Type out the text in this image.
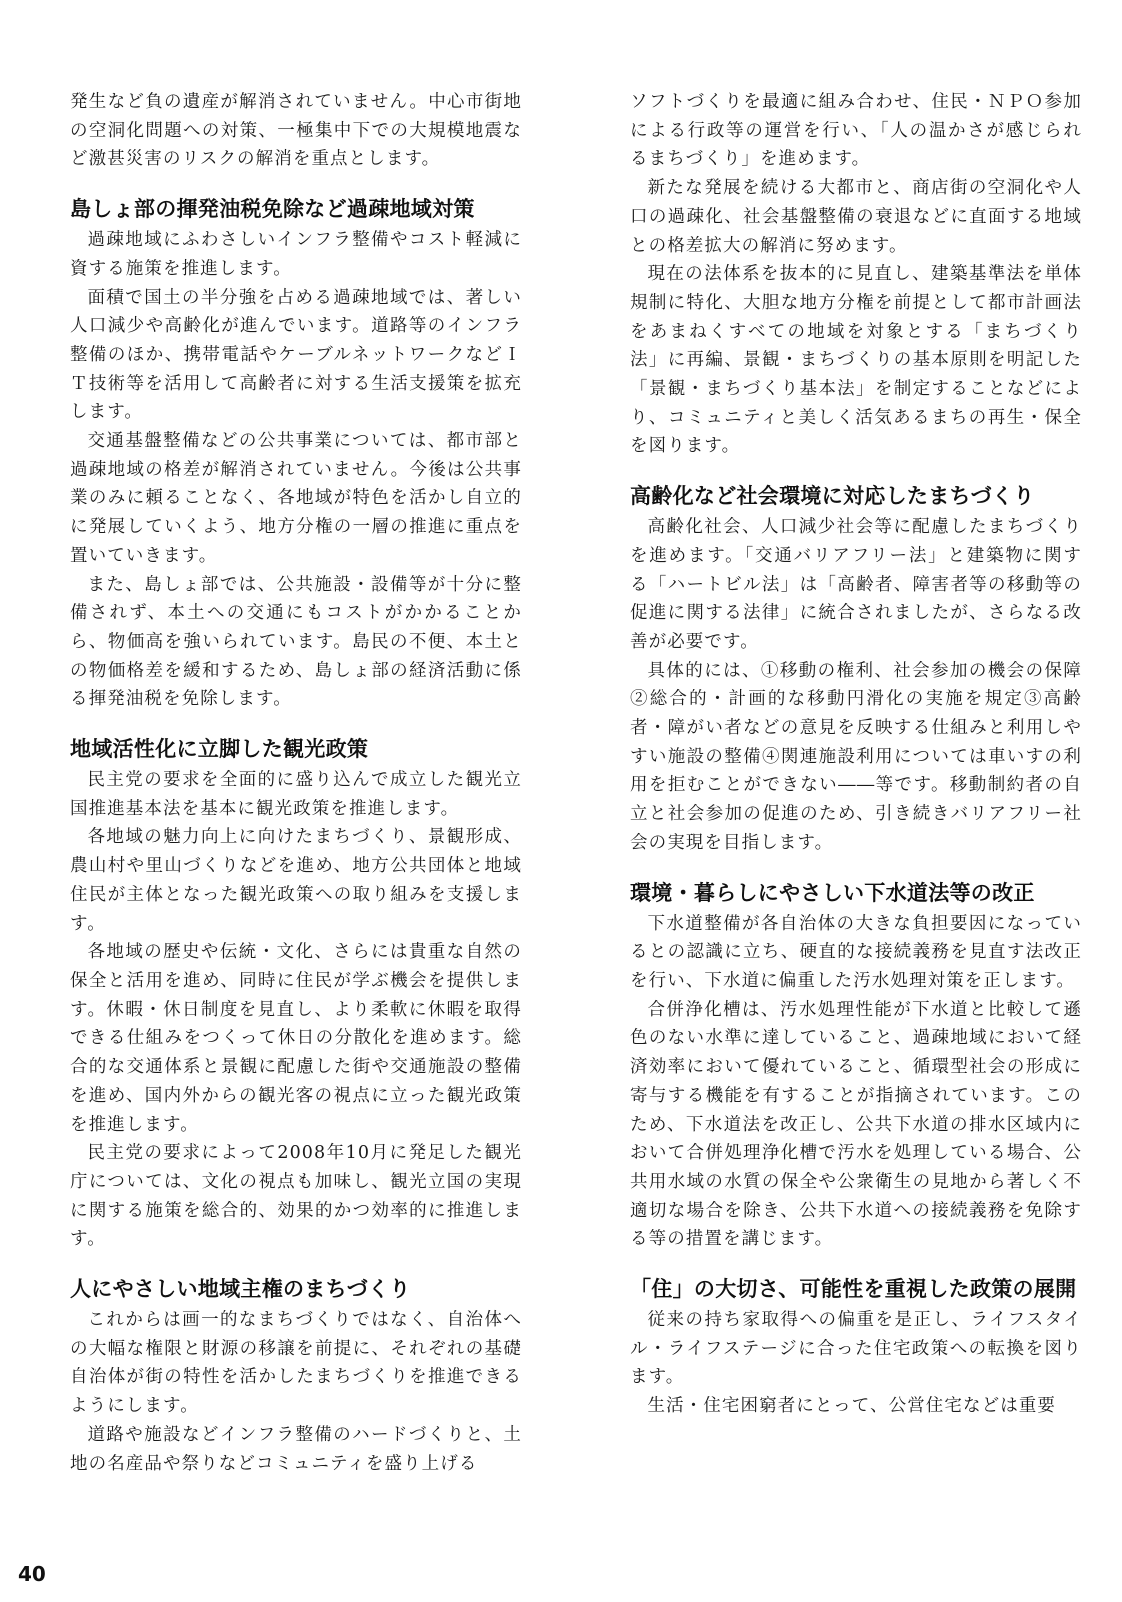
発生など負の遺産が解消されていません。中心市街地の空洞化問題への対策、一極集中下での大規模地震など激甚災害のリスクの解消を重点とします。

島しょ部の揮発油税免除など過疎地域対策

過疎地域にふわさしいインフラ整備やコスト軽減に資する施策を推進します。

面積で国土の半分強を占める過疎地域では、著しい人口減少や高齢化が進んでいます。道路等のインフラ整備のほか、携帯電話やケーブルネットワークなどＩＴ技術等を活用して高齢者に対する生活支援策を拡充します。

交通基盤整備などの公共事業については、都市部と過疎地域の格差が解消されていません。今後は公共事業のみに頼ることなく、各地域が特色を活かし自立的に発展していくよう、地方分権の一層の推進に重点を置いていきます。

また、島しょ部では、公共施設・設備等が十分に整備されず、本土への交通にもコストがかかることから、物価高を強いられています。島民の不便、本土との物価格差を緩和するため、島しょ部の経済活動に係る揮発油税を免除します。

地域活性化に立脚した観光政策

民主党の要求を全面的に盛り込んで成立した観光立国推進基本法を基本に観光政策を推進します。

各地域の魅力向上に向けたまちづくり、景観形成、農山村や里山づくりなどを進め、地方公共団体と地域住民が主体となった観光政策への取り組みを支援します。

各地域の歴史や伝統・文化、さらには貴重な自然の保全と活用を進め、同時に住民が学ぶ機会を提供します。休暇・休日制度を見直し、より柔軟に休暇を取得できる仕組みをつくって休日の分散化を進めます。総合的な交通体系と景観に配慮した街や交通施設の整備を進め、国内外からの観光客の視点に立った観光政策を推進します。

民主党の要求によって2008年10月に発足した観光庁については、文化の視点も加味し、観光立国の実現に関する施策を総合的、効果的かつ効率的に推進します。

人にやさしい地域主権のまちづくり

これからは画一的なまちづくりではなく、自治体への大幅な権限と財源の移譲を前提に、それぞれの基礎自治体が街の特性を活かしたまちづくりを推進できるようにします。

道路や施設などインフラ整備のハードづくりと、土地の名産品や祭りなどコミュニティを盛り上げる

ソフトづくりを最適に組み合わせ、住民・ＮＰＯ参加による行政等の運営を行い、「人の温かさが感じられるまちづくり」を進めます。

新たな発展を続ける大都市と、商店街の空洞化や人口の過疎化、社会基盤整備の衰退などに直面する地域との格差拡大の解消に努めます。

現在の法体系を抜本的に見直し、建築基準法を単体規制に特化、大胆な地方分権を前提として都市計画法をあまねくすべての地域を対象とする「まちづくり法」に再編、景観・まちづくりの基本原則を明記した「景観・まちづくり基本法」を制定することなどにより、コミュニティと美しく活気あるまちの再生・保全を図ります。

高齢化など社会環境に対応したまちづくり

高齢化社会、人口減少社会等に配慮したまちづくりを進めます。「交通バリアフリー法」と建築物に関する「ハートビル法」は「高齢者、障害者等の移動等の促進に関する法律」に統合されましたが、さらなる改善が必要です。

具体的には、①移動の権利、社会参加の機会の保障②総合的・計画的な移動円滑化の実施を規定③高齢者・障がい者などの意見を反映する仕組みと利用しやすい施設の整備④関連施設利用については車いすの利用を拒むことができない――等です。移動制約者の自立と社会参加の促進のため、引き続きバリアフリー社会の実現を目指します。

環境・暮らしにやさしい下水道法等の改正

下水道整備が各自治体の大きな負担要因になっているとの認識に立ち、硬直的な接続義務を見直す法改正を行い、下水道に偏重した汚水処理対策を正します。

合併浄化槽は、汚水処理性能が下水道と比較して遜色のない水準に達していること、過疎地域において経済効率において優れていること、循環型社会の形成に寄与する機能を有することが指摘されています。このため、下水道法を改正し、公共下水道の排水区域内において合併処理浄化槽で汚水を処理している場合、公共用水域の水質の保全や公衆衛生の見地から著しく不適切な場合を除き、公共下水道への接続義務を免除する等の措置を講じます。

「住」の大切さ、可能性を重視した政策の展開

従来の持ち家取得への偏重を是正し、ライフスタイル・ライフステージに合った住宅政策への転換を図ります。

生活・住宅困窮者にとって、公営住宅などは重要

40
